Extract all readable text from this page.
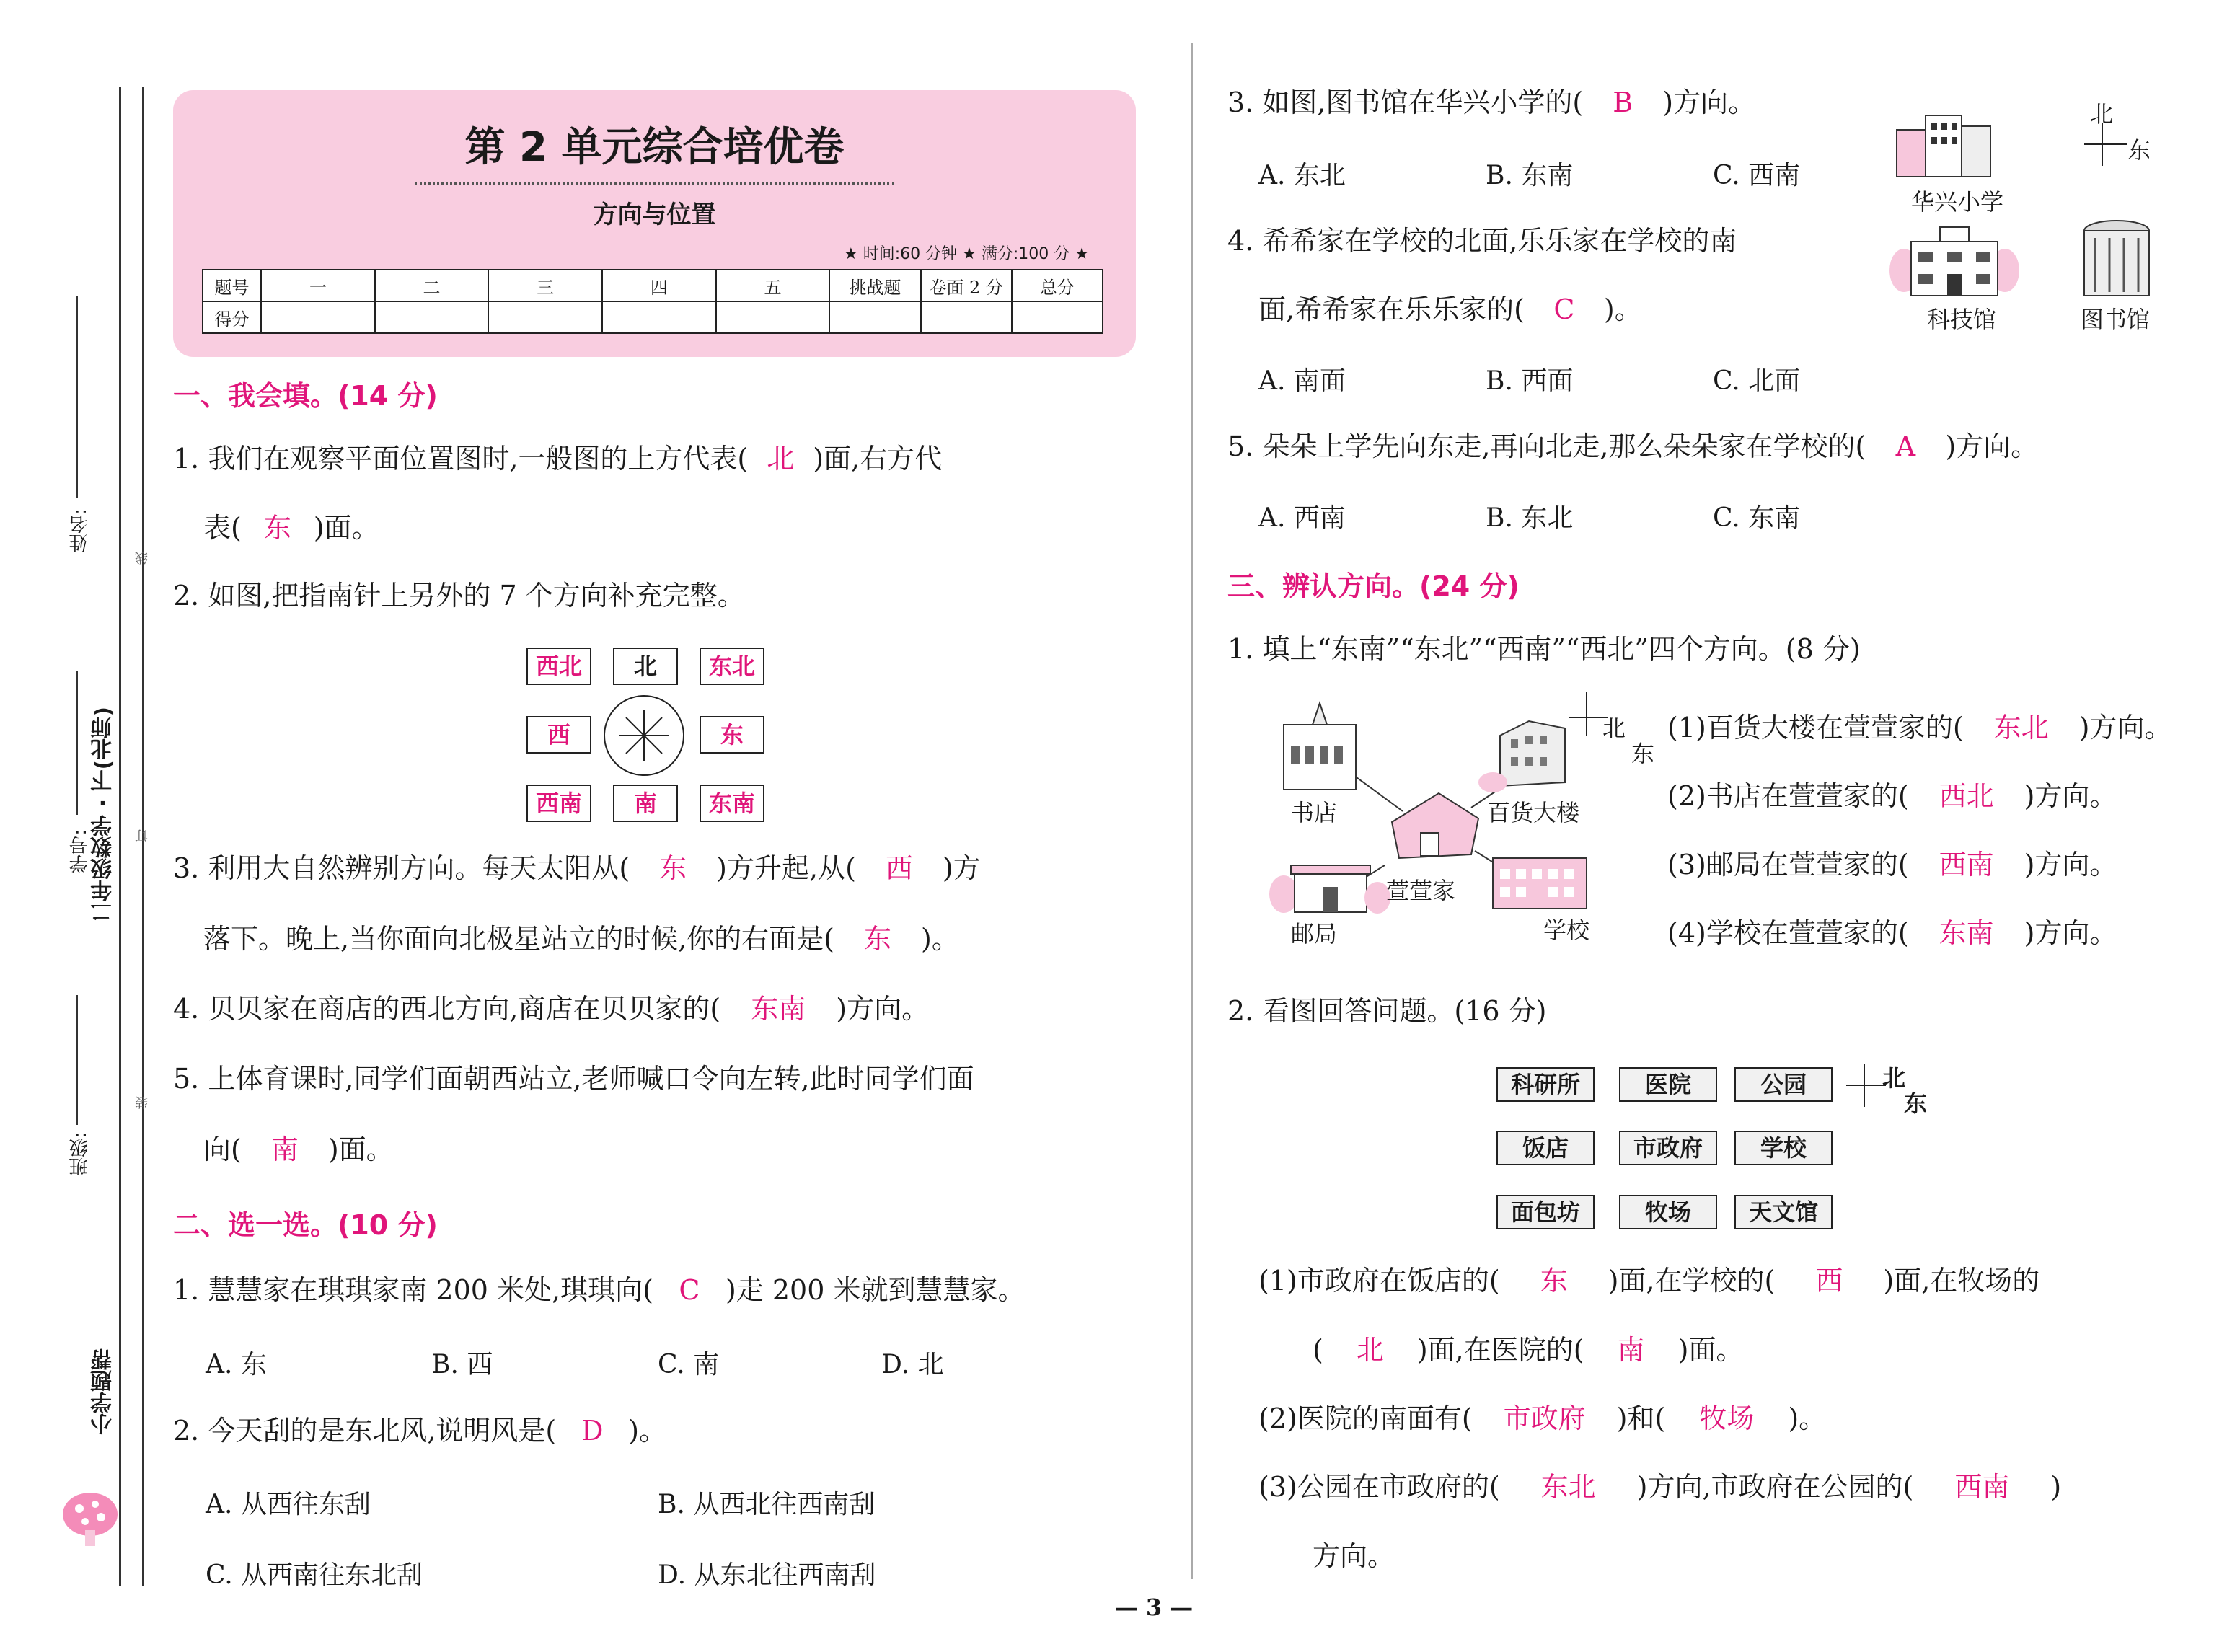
姓名:
学号:
班级:
二年级数学 · 下(北师)
小学题帮
线
订
装
第 2 单元综合培优卷
方向与位置
★ 时间:60 分钟 ★ 满分:100 分 ★
题号	一	二	三	四	五	挑战题	卷面 2 分	总分
得分								
一、我会填。(14 分)
1. 我们在观察平面位置图时,一般图的上方代表( 北 )面,右方代
表( 东 )面。
2. 如图,把指南针上另外的 7 个方向补充完整。
西北	北	东北
西	东
西南	南	东南
3. 利用大自然辨别方向。每天太阳从( 东 )方升起,从( 西 )方
落下。晚上,当你面向北极星站立的时候,你的右面是( 东 )。
4. 贝贝家在商店的西北方向,商店在贝贝家的( 东南 )方向。
5. 上体育课时,同学们面朝西站立,老师喊口令向左转,此时同学们面
向( 南 )面。
二、选一选。(10 分)
1. 慧慧家在琪琪家南 200 米处,琪琪向( C )走 200 米就到慧慧家。
A. 东	B. 西	C. 南	D. 北
2. 今天刮的是东北风,说明风是( D )。
A. 从西往东刮	B. 从西北往西南刮
C. 从西南往东北刮	D. 从东北往西南刮
3. 如图,图书馆在华兴小学的( B )方向。
A. 东北	B. 东南	C. 西南
4. 希希家在学校的北面,乐乐家在学校的南
面,希希家在乐乐家的( C )。
A. 南面	B. 西面	C. 北面
5. 朵朵上学先向东走,再向北走,那么朵朵家在学校的( A )方向。
A. 西南	B. 东北	C. 东南
华兴小学
科技馆	图书馆
北
东
三、辨认方向。(24 分)
1. 填上“东南”“东北”“西南”“西北”四个方向。(8 分)
书店	百货大楼
萱萱家
邮局	学校
北
东
(1)百货大楼在萱萱家的( 东北 )方向。
(2)书店在萱萱家的( 西北 )方向。
(3)邮局在萱萱家的( 西南 )方向。
(4)学校在萱萱家的( 东南 )方向。
2. 看图回答问题。(16 分)
科研所	医院	公园
饭店	市政府	学校
面包坊	牧场	天文馆
北
东
(1)市政府在饭店的( 东 )面,在学校的( 西 )面,在牧场的
( 北 )面,在医院的( 南 )面。
(2)医院的南面有( 市政府 )和( 牧场 )。
(3)公园在市政府的( 东北 )方向,市政府在公园的( 西南 )
方向。
— 3 —
